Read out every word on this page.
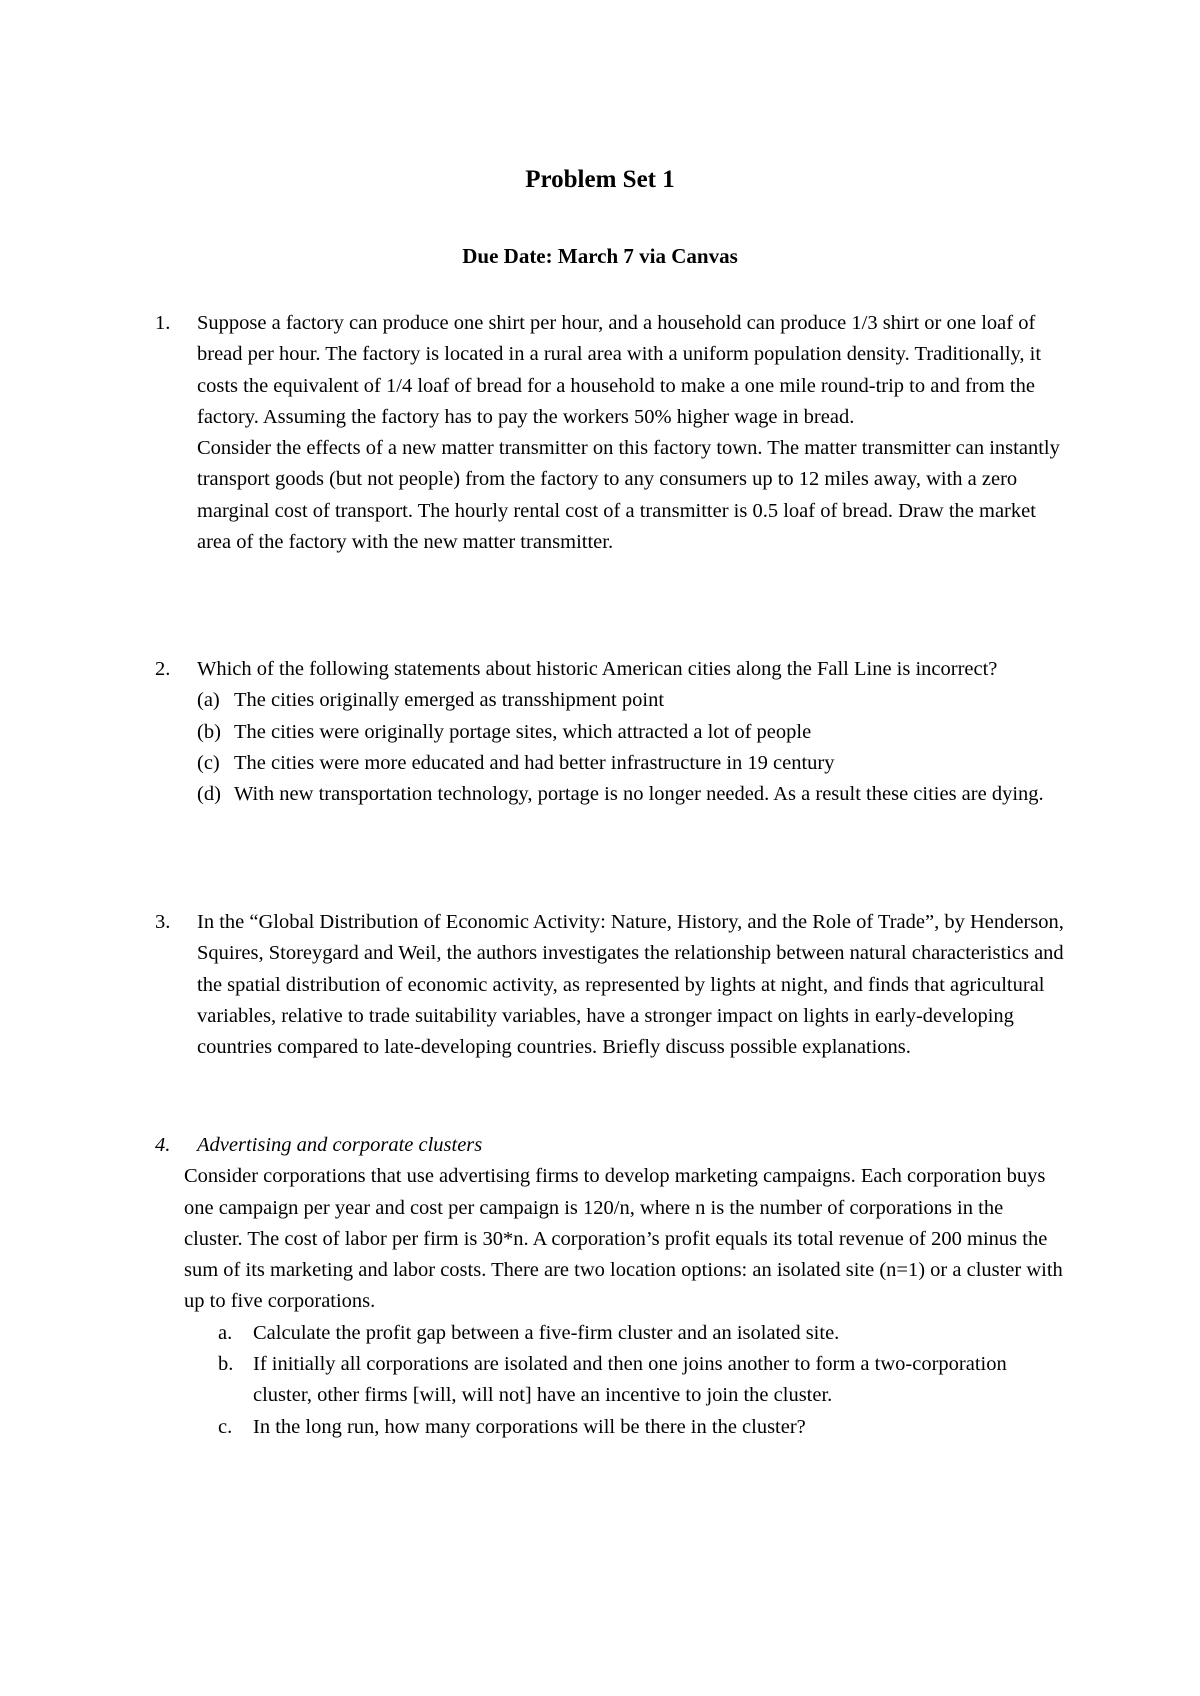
Problem Set 1
Due Date: March 7 via Canvas
1. Suppose a factory can produce one shirt per hour, and a household can produce 1/3 shirt or one loaf of bread per hour. The factory is located in a rural area with a uniform population density. Traditionally, it costs the equivalent of 1/4 loaf of bread for a household to make a one mile round-trip to and from the factory. Assuming the factory has to pay the workers 50% higher wage in bread.

Consider the effects of a new matter transmitter on this factory town. The matter transmitter can instantly transport goods (but not people) from the factory to any consumers up to 12 miles away, with a zero marginal cost of transport. The hourly rental cost of a transmitter is 0.5 loaf of bread. Draw the market area of the factory with the new matter transmitter.

2. Which of the following statements about historic American cities along the Fall Line is incorrect?

(a) The cities originally emerged as transshipment point
(b) The cities were originally portage sites, which attracted a lot of people
(c) The cities were more educated and had better infrastructure in 19 century
(d) With new transportation technology, portage is no longer needed. As a result these cities are dying.
3. In the “Global Distribution of Economic Activity: Nature, History, and the Role of Trade”, by Henderson, Squires, Storeygard and Weil, the authors investigates the relationship between natural characteristics and the spatial distribution of economic activity, as represented by lights at night, and finds that agricultural variables, relative to trade suitability variables, have a stronger impact on lights in early-developing countries compared to late-developing countries. Briefly discuss possible explanations.

4. Advertising and corporate clusters
Consider corporations that use advertising firms to develop marketing campaigns. Each corporation buys one campaign per year and cost per campaign is 120/n, where n is the number of corporations in the cluster. The cost of labor per firm is 30*n. A corporation’s profit equals its total revenue of 200 minus the sum of its marketing and labor costs. There are two location options: an isolated site (n=1) or a cluster with up to five corporations.
a. Calculate the profit gap between a five-firm cluster and an isolated site.
b. If initially all corporations are isolated and then one joins another to form a two-corporation cluster, other firms [will, will not] have an incentive to join the cluster.
c. In the long run, how many corporations will be there in the cluster?
